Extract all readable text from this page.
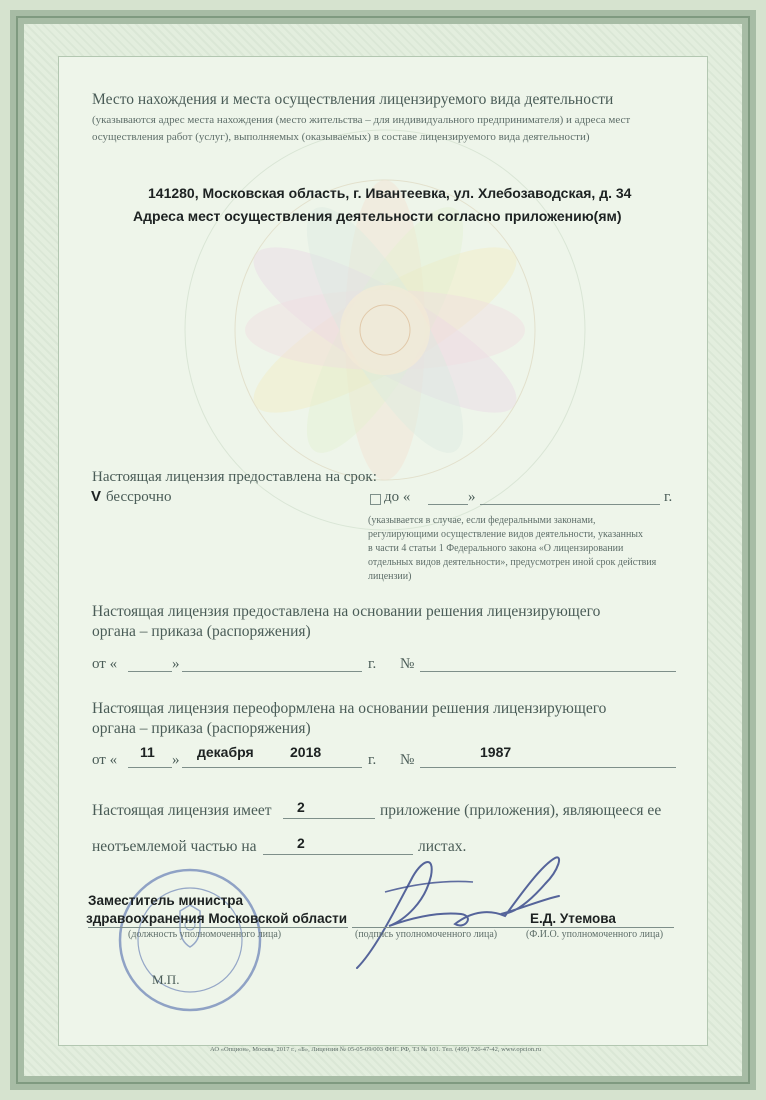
Место нахождения и места осуществления лицензируемого вида деятельности
(указываются адрес места нахождения (место жительства – для индивидуального предпринимателя) и адреса мест
осуществления работ (услуг), выполняемых (оказываемых) в составе лицензируемого вида деятельности)
141280, Московская область, г. Ивантеевка, ул. Хлебозаводская, д. 34
Адреса мест осуществления деятельности согласно приложению(ям)
Настоящая лицензия предоставлена на срок:
V бессрочно	до «	»	г.
(указывается в случае, если федеральными законами,
регулирующими осуществление видов деятельности, указанных
в части 4 статьи 1 Федерального закона «О лицензировании
отдельных видов деятельности», предусмотрен иной срок действия
лицензии)
Настоящая лицензия предоставлена на основании решения лицензирующего
органа – приказа (распоряжения)
от «	»	г. №
Настоящая лицензия переоформлена на основании решения лицензирующего
органа – приказа (распоряжения)
от « 11 » декабря	2018	г. №	1987
Настоящая лицензия имеет 2	приложение (приложения), являющееся ее
неотъемлемой частью на	2	листах.
Заместитель министра
здравоохранения Московской области
(должность уполномоченного лица)	(подпись уполномоченного лица)
Е.Д. Утемова
(Ф.И.О. уполномоченного лица)
М.П.
АО «Опцион», Москва, 2017 г., «Б», Лицензия № 05-05-09/003 ФНС РФ, ТЗ № 101. Тел. (495) 726-47-42, www.opcion.ru
